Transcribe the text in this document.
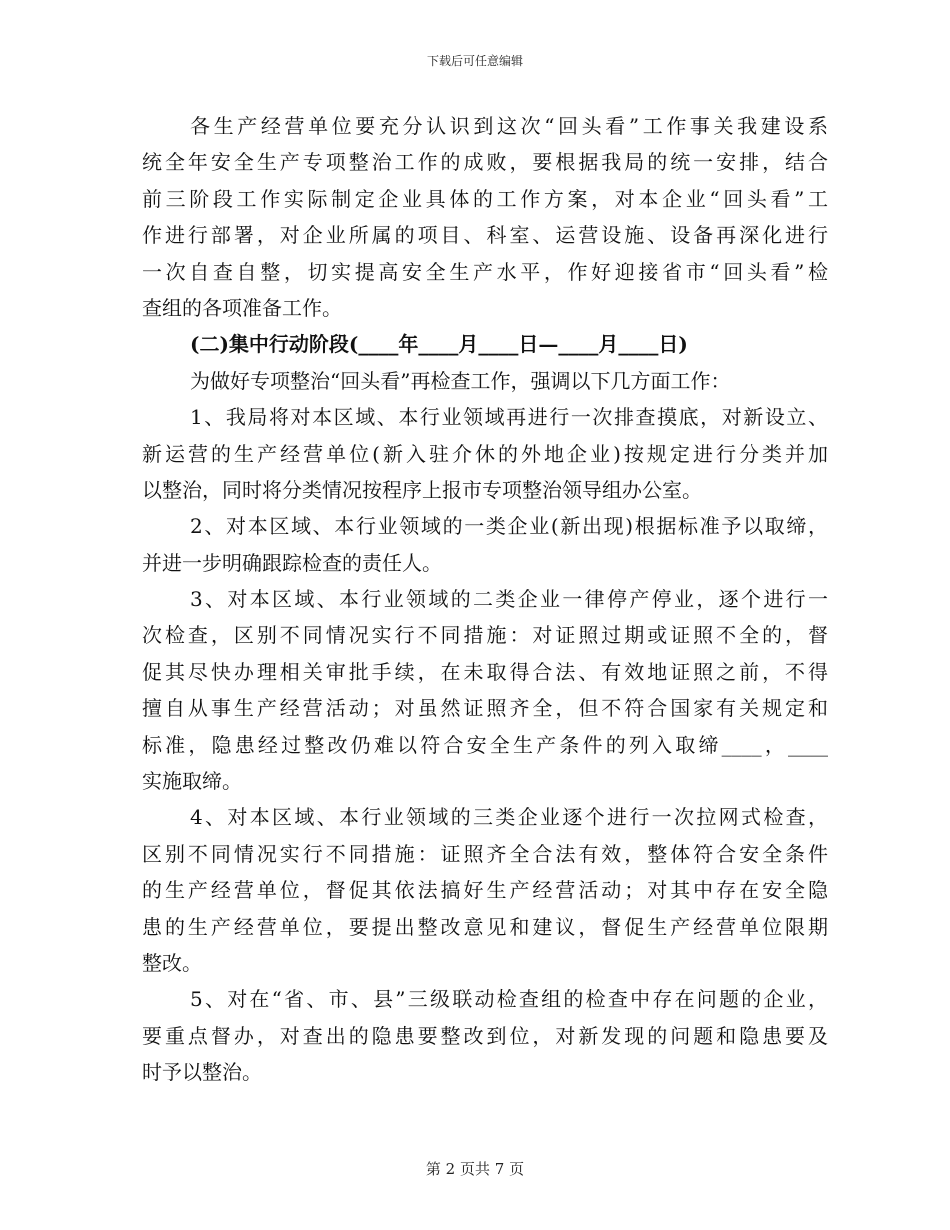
下载后可任意编辑
各生产经营单位要充分认识到这次“回头看”工作事关我建设系
统全年安全生产专项整治工作的成败，要根据我局的统一安排，结合
前三阶段工作实际制定企业具体的工作方案，对本企业“回头看”工
作进行部署，对企业所属的项目、科室、运营设施、设备再深化进行
一次自查自整，切实提高安全生产水平，作好迎接省市“回头看”检
查组的各项准备工作。
(二)集中行动阶段(____年____月____日—____月____日)
为做好专项整治“回头看”再检查工作，强调以下几方面工作：
1、我局将对本区域、本行业领域再进行一次排查摸底，对新设立、
新运营的生产经营单位(新入驻介休的外地企业)按规定进行分类并加
以整治，同时将分类情况按程序上报市专项整治领导组办公室。
2、对本区域、本行业领域的一类企业(新出现)根据标准予以取缔，
并进一步明确跟踪检查的责任人。
3、对本区域、本行业领域的二类企业一律停产停业，逐个进行一
次检查，区别不同情况实行不同措施：对证照过期或证照不全的，督
促其尽快办理相关审批手续，在未取得合法、有效地证照之前，不得
擅自从事生产经营活动；对虽然证照齐全，但不符合国家有关规定和
标准，隐患经过整改仍难以符合安全生产条件的列入取缔____，____
实施取缔。
4、对本区域、本行业领域的三类企业逐个进行一次拉网式检查，
区别不同情况实行不同措施：证照齐全合法有效，整体符合安全条件
的生产经营单位，督促其依法搞好生产经营活动；对其中存在安全隐
患的生产经营单位，要提出整改意见和建议，督促生产经营单位限期
整改。
5、对在“省、市、县”三级联动检查组的检查中存在问题的企业，
要重点督办，对查出的隐患要整改到位，对新发现的问题和隐患要及
时予以整治。
第 2 页共 7 页
